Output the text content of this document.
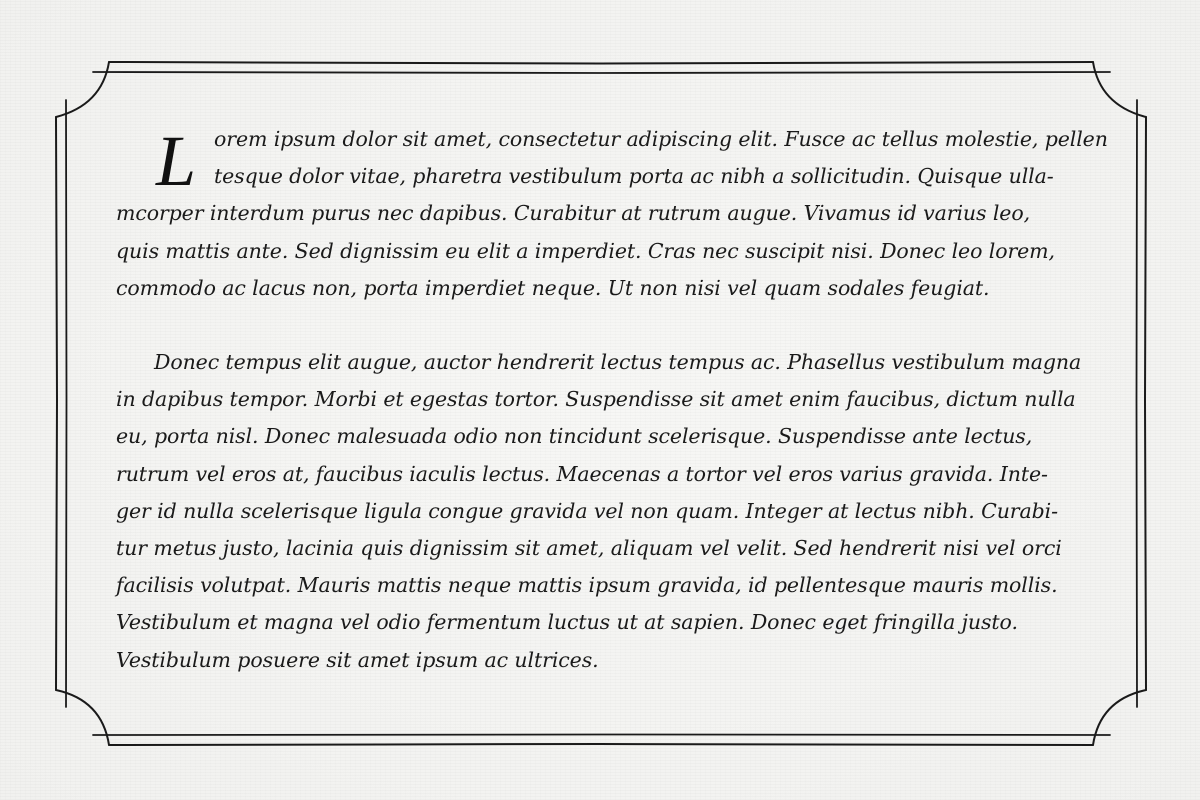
L orem ipsum dolor sit amet, consectetur adipiscing elit. Fusce ac tellus molestie, pellen
tesque dolor vitae, pharetra vestibulum porta ac nibh a sollicitudin. Quisque ulla-
mcorper interdum purus nec dapibus. Curabitur at rutrum augue. Vivamus id varius leo,
quis mattis ante. Sed dignissim eu elit a imperdiet. Cras nec suscipit nisi. Donec leo lorem,
commodo ac lacus non, porta imperdiet neque. Ut non nisi vel quam sodales feugiat.

Donec tempus elit augue, auctor hendrerit lectus tempus ac. Phasellus vestibulum magna
in dapibus tempor. Morbi et egestas tortor. Suspendisse sit amet enim faucibus, dictum nulla
eu, porta nisl. Donec malesuada odio non tincidunt scelerisque. Suspendisse ante lectus,
rutrum vel eros at, faucibus iaculis lectus. Maecenas a tortor vel eros varius gravida. Inte-
ger id nulla scelerisque ligula congue gravida vel non quam. Integer at lectus nibh. Curabi-
tur metus justo, lacinia quis dignissim sit amet, aliquam vel velit. Sed hendrerit nisi vel orci
facilisis volutpat. Mauris mattis neque mattis ipsum gravida, id pellentesque mauris mollis.
Vestibulum et magna vel odio fermentum luctus ut at sapien. Donec eget fringilla justo.
Vestibulum posuere sit amet ipsum ac ultrices.
